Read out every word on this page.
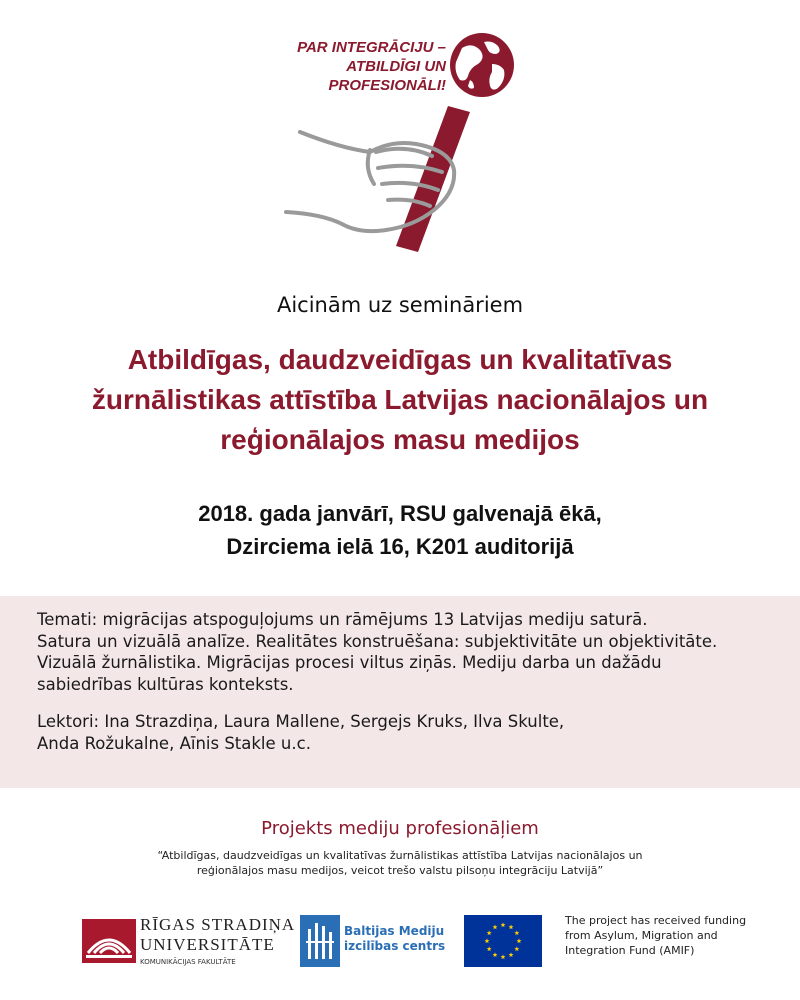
PAR INTEGRĀCIJU –
ATBILDĪGI UN
PROFESIONĀLI!
Aicinām uz semināriem
Atbildīgas, daudzveidīgas un kvalitatīvas
žurnālistikas attīstība Latvijas nacionālajos un
reģionālajos masu medijos
2018. gada janvārī, RSU galvenajā ēkā,
Dzirciema ielā 16, K201 auditorijā
Temati: migrācijas atspoguļojums un rāmējums 13 Latvijas mediju saturā.
Satura un vizuālā analīze. Realitātes konstruēšana: subjektivitāte un objektivitāte.
Vizuālā žurnālistika. Migrācijas procesi viltus ziņās. Mediju darba un dažādu
sabiedrības kultūras konteksts.
Lektori: Ina Strazdiņa, Laura Mallene, Sergejs Kruks, Ilva Skulte,
Anda Rožukalne, Aīnis Stakle u.c.
Projekts mediju profesionāļiem
“Atbildīgas, daudzveidīgas un kvalitatīvas žurnālistikas attīstība Latvijas nacionālajos un
reģionālajos masu medijos, veicot trešo valstu pilsoņu integrāciju Latvijā”
RĪGAS STRADIŅA
UNIVERSITĀTE
KOMUNIKĀCIJAS FAKULTĀTE
Baltijas Mediju
izcilības centrs
The project has received funding
from Asylum, Migration and
Integration Fund (AMIF)
